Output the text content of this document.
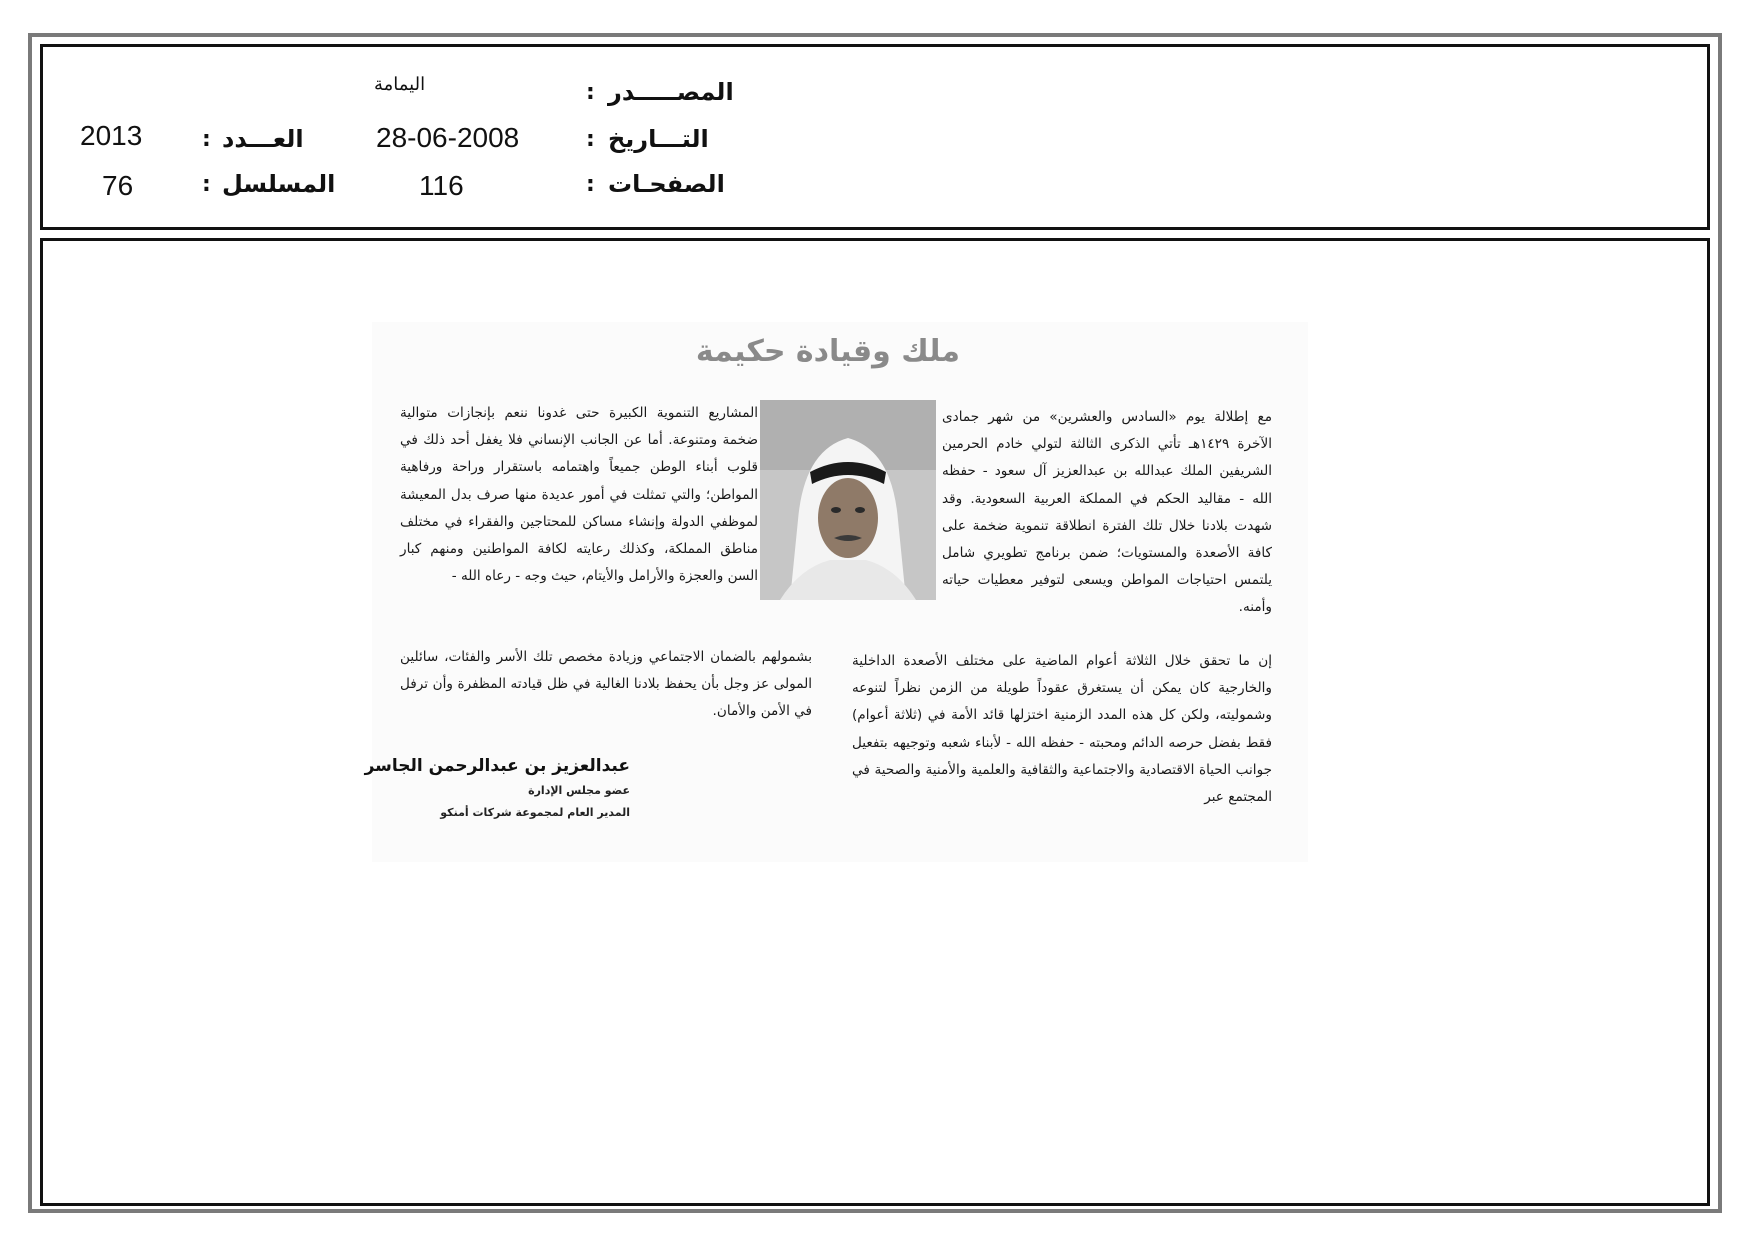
المصـــــدر
:
اليمامة
التـــاريخ
:
28-06-2008
العـــدد
:
2013
الصفحـات
:
116
المسلسل
:
76
ملك وقيادة حكيمة
مع إطلالة يوم «السادس والعشرين» من شهر جمادى الآخرة ١٤٢٩هـ تأتي الذكرى الثالثة لتولي خادم الحرمين الشريفين الملك عبدالله بن عبدالعزيز آل سعود - حفظه الله - مقاليد الحكم في المملكة العربية السعودية. وقد شهدت بلادنا خلال تلك الفترة انطلاقة تنموية ضخمة على كافة الأصعدة والمستويات؛ ضمن برنامج تطويري شامل يلتمس احتياجات المواطن ويسعى لتوفير معطيات حياته وأمنه.
إن ما تحقق خلال الثلاثة أعوام الماضية على مختلف الأصعدة الداخلية والخارجية كان يمكن أن يستغرق عقوداً طويلة من الزمن نظراً لتنوعه وشموليته، ولكن كل هذه المدد الزمنية اختزلها قائد الأمة في (ثلاثة أعوام) فقط بفضل حرصه الدائم ومحبته - حفظه الله - لأبناء شعبه وتوجيهه بتفعيل جوانب الحياة الاقتصادية والاجتماعية والثقافية والعلمية والأمنية والصحية في المجتمع عبر
المشاريع التنموية الكبيرة حتى غدونا ننعم بإنجازات متوالية ضخمة ومتنوعة. أما عن الجانب الإنساني فلا يغفل أحد ذلك في قلوب أبناء الوطن جميعاً واهتمامه باستقرار وراحة ورفاهية المواطن؛ والتي تمثلت في أمور عديدة منها صرف بدل المعيشة لموظفي الدولة وإنشاء مساكن للمحتاجين والفقراء في مختلف مناطق المملكة، وكذلك رعايته لكافة المواطنين ومنهم كبار السن والعجزة والأرامل والأيتام، حيث وجه - رعاه الله -
بشمولهم بالضمان الاجتماعي وزيادة مخصص تلك الأسر والفئات، سائلين المولى عز وجل بأن يحفظ بلادنا الغالية في ظل قيادته المظفرة وأن ترفل في الأمن والأمان.
عبدالعزيز بن عبدالرحمن الجاسر
عضو مجلس الإدارة
المدير العام لمجموعة شركات أمنكو
